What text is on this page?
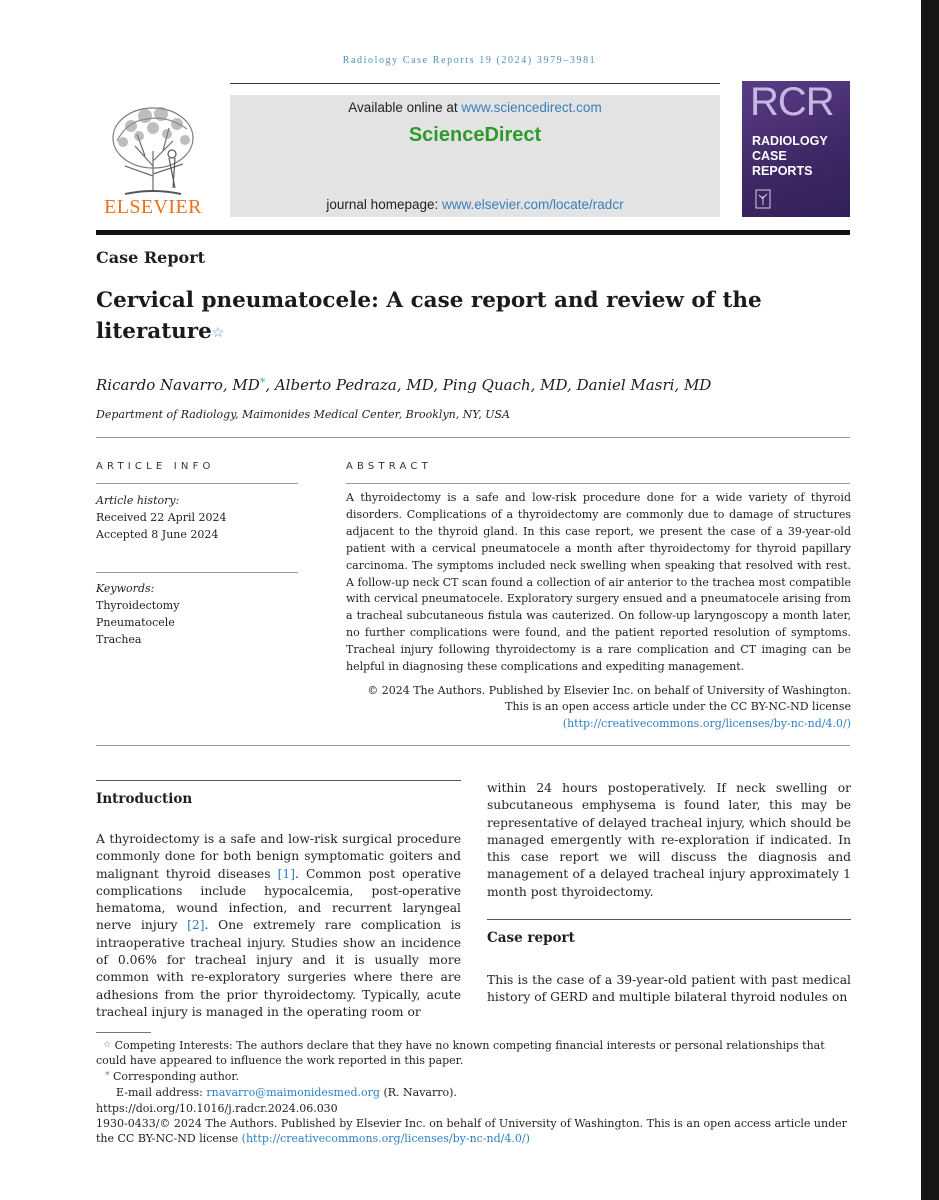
Radiology Case Reports 19 (2024) 3979–3981
ELSEVIER
Available online at www.sciencedirect.com
ScienceDirect
journal homepage: www.elsevier.com/locate/radcr
RCR
RADIOLOGY
CASE
REPORTS
Case Report
Cervical pneumatocele: A case report and review of the literature☆
Ricardo Navarro, MD*, Alberto Pedraza, MD, Ping Quach, MD, Daniel Masri, MD
Department of Radiology, Maimonides Medical Center, Brooklyn, NY, USA
ARTICLE INFO	ABSTRACT
Article history:
Received 22 April 2024
Accepted 8 June 2024
Keywords:
Thyroidectomy
Pneumatocele
Trachea

A thyroidectomy is a safe and low-risk procedure done for a wide variety of thyroid disorders. Complications of a thyroidectomy are commonly due to damage of structures adjacent to the thyroid gland. In this case report, we present the case of a 39-year-old patient with a cervical pneumatocele a month after thyroidectomy for thyroid papillary carcinoma. The symptoms included neck swelling when speaking that resolved with rest. A follow-up neck CT scan found a collection of air anterior to the trachea most compatible with cervical pneumatocele. Exploratory surgery ensued and a pneumatocele arising from a tracheal subcutaneous fistula was cauterized. On follow-up laryngoscopy a month later, no further complications were found, and the patient reported resolution of symptoms. Tracheal injury following thyroidectomy is a rare complication and CT imaging can be helpful in diagnosing these complications and expediting management.

© 2024 The Authors. Published by Elsevier Inc. on behalf of University of Washington.
This is an open access article under the CC BY-NC-ND license
(http://creativecommons.org/licenses/by-nc-nd/4.0/)
Introduction

A thyroidectomy is a safe and low-risk surgical procedure commonly done for both benign symptomatic goiters and malignant thyroid diseases [1]. Common post operative complications include hypocalcemia, post-operative hematoma, wound infection, and recurrent laryngeal nerve injury [2]. One extremely rare complication is intraoperative tracheal injury. Studies show an incidence of 0.06% for tracheal injury and it is usually more common with re-exploratory surgeries where there are adhesions from the prior thyroidectomy. Typically, acute tracheal injury is managed in the operating room or

within 24 hours postoperatively. If neck swelling or subcutaneous emphysema is found later, this may be representative of delayed tracheal injury, which should be managed emergently with re-exploration if indicated. In this case report we will discuss the diagnosis and management of a delayed tracheal injury approximately 1 month post thyroidectomy.

Case report

This is the case of a 39-year-old patient with past medical history of GERD and multiple bilateral thyroid nodules on

☆ Competing Interests: The authors declare that they have no known competing financial interests or personal relationships that could have appeared to influence the work reported in this paper.

* Corresponding author.
E-mail address: rnavarro@maimonidesmed.org (R. Navarro).
https://doi.org/10.1016/j.radcr.2024.06.030

1930-0433/© 2024 The Authors. Published by Elsevier Inc. on behalf of University of Washington. This is an open access article under the CC BY-NC-ND license (http://creativecommons.org/licenses/by-nc-nd/4.0/)
